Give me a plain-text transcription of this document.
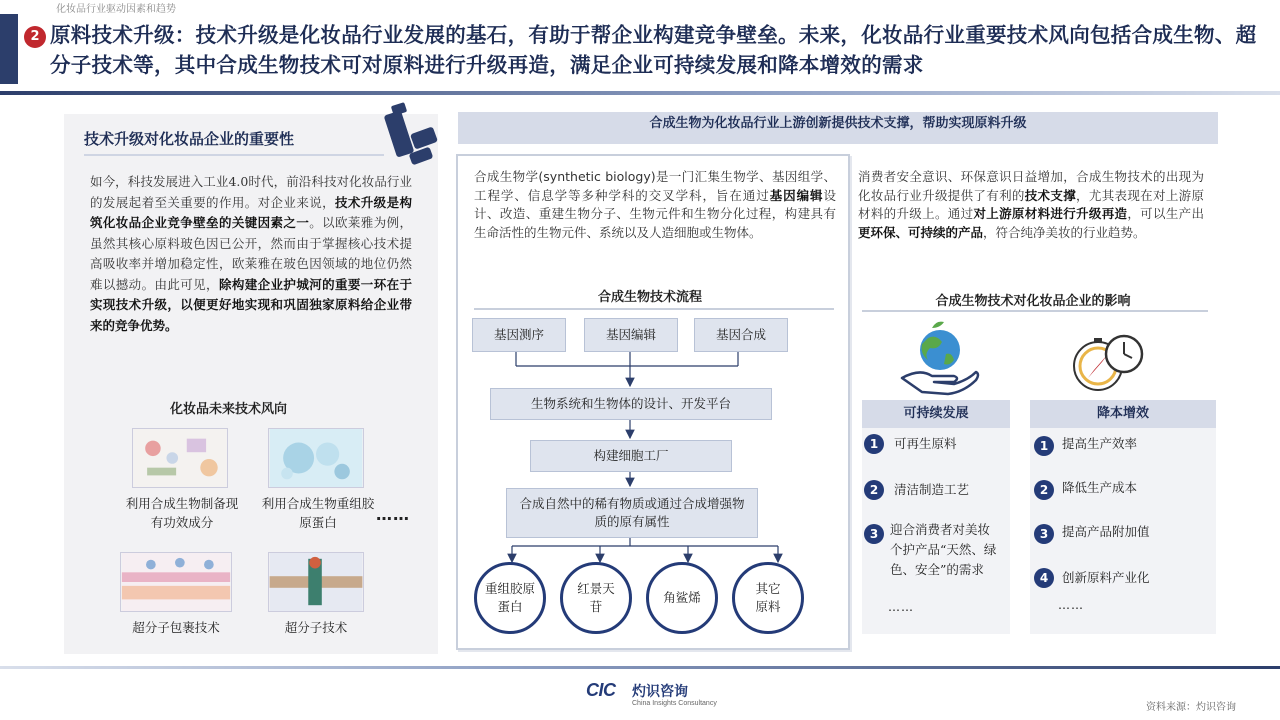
化妆品行业驱动因素和趋势
2 原料技术升级：技术升级是化妆品行业发展的基石，有助于帮企业构建竞争壁垒。未来，化妆品行业重要技术风向包括合成生物、超分子技术等，其中合成生物技术可对原料进行升级再造，满足企业可持续发展和降本增效的需求
技术升级对化妆品企业的重要性
如今，科技发展进入工业4.0时代，前沿科技对化妆品行业的发展起着至关重要的作用。对企业来说，技术升级是构筑化妆品企业竞争壁垒的关键因素之一。以欧莱雅为例，虽然其核心原料玻色因已公开，然而由于掌握核心技术提高吸收率并增加稳定性，欧莱雅在玻色因领域的地位仍然难以撼动。由此可见，除构建企业护城河的重要一环在于实现技术升级，以便更好地实现和巩固独家原料给企业带来的竞争优势。
化妆品未来技术风向
利用合成生物制备现有功效成分
利用合成生物重组胶原蛋白	……
超分子包裹技术	超分子技术
合成生物为化妆品行业上游创新提供技术支撑，帮助实现原料升级
合成生物学(synthetic biology)是一门汇集生物学、基因组学、工程学、信息学等多种学科的交叉学科，旨在通过基因编辑设计、改造、重建生物分子、生物元件和生物分化过程，构建具有生命活性的生物元件、系统以及人造细胞或生物体。
合成生物技术流程
基因测序	基因编辑	基因合成
生物系统和生物体的设计、开发平台
构建细胞工厂
合成自然中的稀有物质或通过合成增强物质的原有属性
重组胶原蛋白
红景天苷
角鲨烯
其它原料
消费者安全意识、环保意识日益增加，合成生物技术的出现为化妆品行业升级提供了有利的技术支撑，尤其表现在对上游原材料的升级上。通过对上游原材料进行升级再造，可以生产出更环保、可持续的产品，符合纯净美妆的行业趋势。
合成生物技术对化妆品企业的影响
可持续发展
1	可再生原料
2	清洁制造工艺
3 迎合消费者对美妆个护产品“天然、绿色、安全”的需求
……
降本增效
1	提高生产效率
2	降低生产成本
3	提高产品附加值
4	创新原料产业化
……
CIC 灼识咨询
China Insights Consultancy	资料来源：灼识咨询
